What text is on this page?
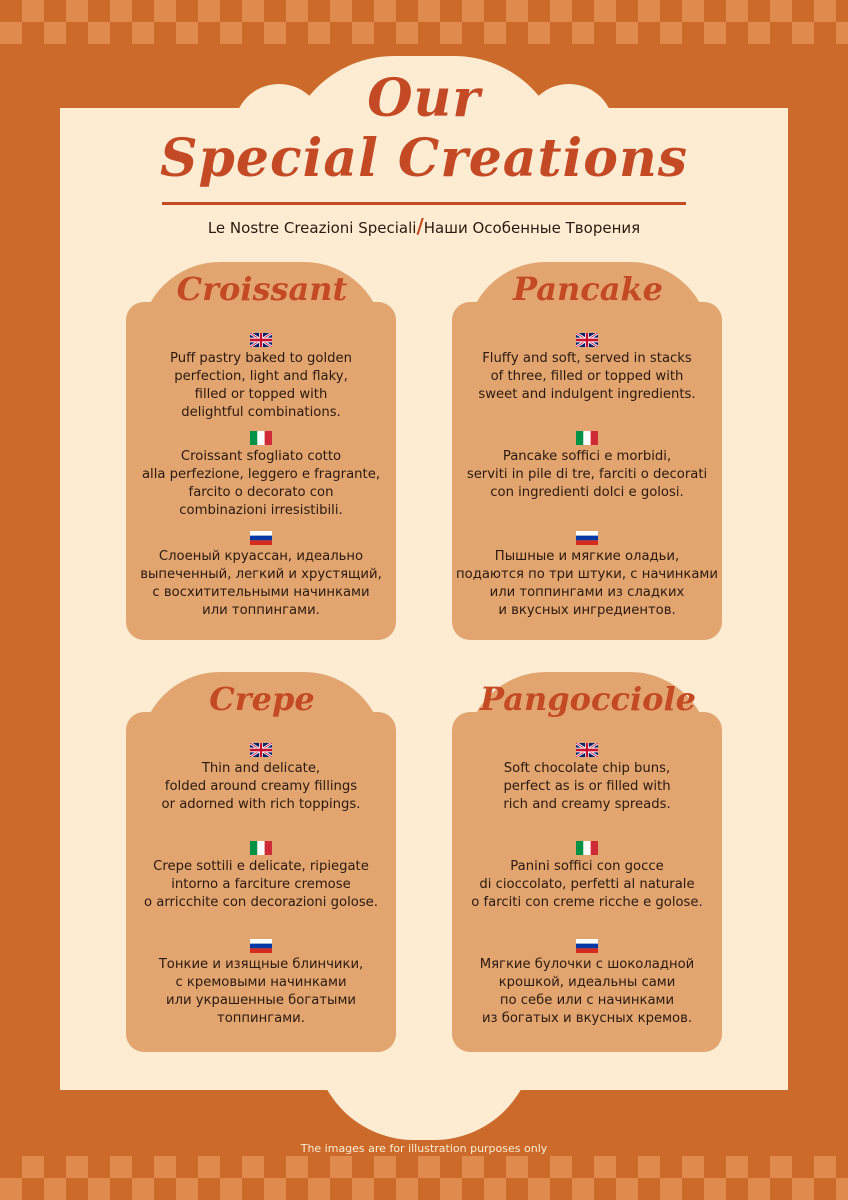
Our
Special Creations
Le Nostre Creazioni Speciali/Наши Особенные Творения
Puff pastry baked to golden
perfection, light and flaky,
filled or topped with
delightful combinations.
Croissant sfogliato cotto
alla perfezione, leggero e fragrante,
farcito o decorato con
combinazioni irresistibili.
Слоеный круассан, идеально
выпеченный, легкий и хрустящий,
с восхитительными начинками
или топпингами.
Croissant
Fluffy and soft, served in stacks
of three, filled or topped with
sweet and indulgent ingredients.
Pancake soffici e morbidi,
serviti in pile di tre, farciti o decorati
con ingredienti dolci e golosi.
Пышные и мягкие оладьи,
подаются по три штуки, с начинками
или топпингами из сладких
и вкусных ингредиентов.
Pancake
Thin and delicate,
folded around creamy fillings
or adorned with rich toppings.
Crepe sottili e delicate, ripiegate
intorno a farciture cremose
o arricchite con decorazioni golose.
Тонкие и изящные блинчики,
с кремовыми начинками
или украшенные богатыми
топпингами.
Crepe
Soft chocolate chip buns,
perfect as is or filled with
rich and creamy spreads.
Panini soffici con gocce
di cioccolato, perfetti al naturale
o farciti con creme ricche e golose.
Мягкие булочки с шоколадной
крошкой, идеальны сами
по себе или с начинками
из богатых и вкусных кремов.
Pangocciole
The images are for illustration purposes only
